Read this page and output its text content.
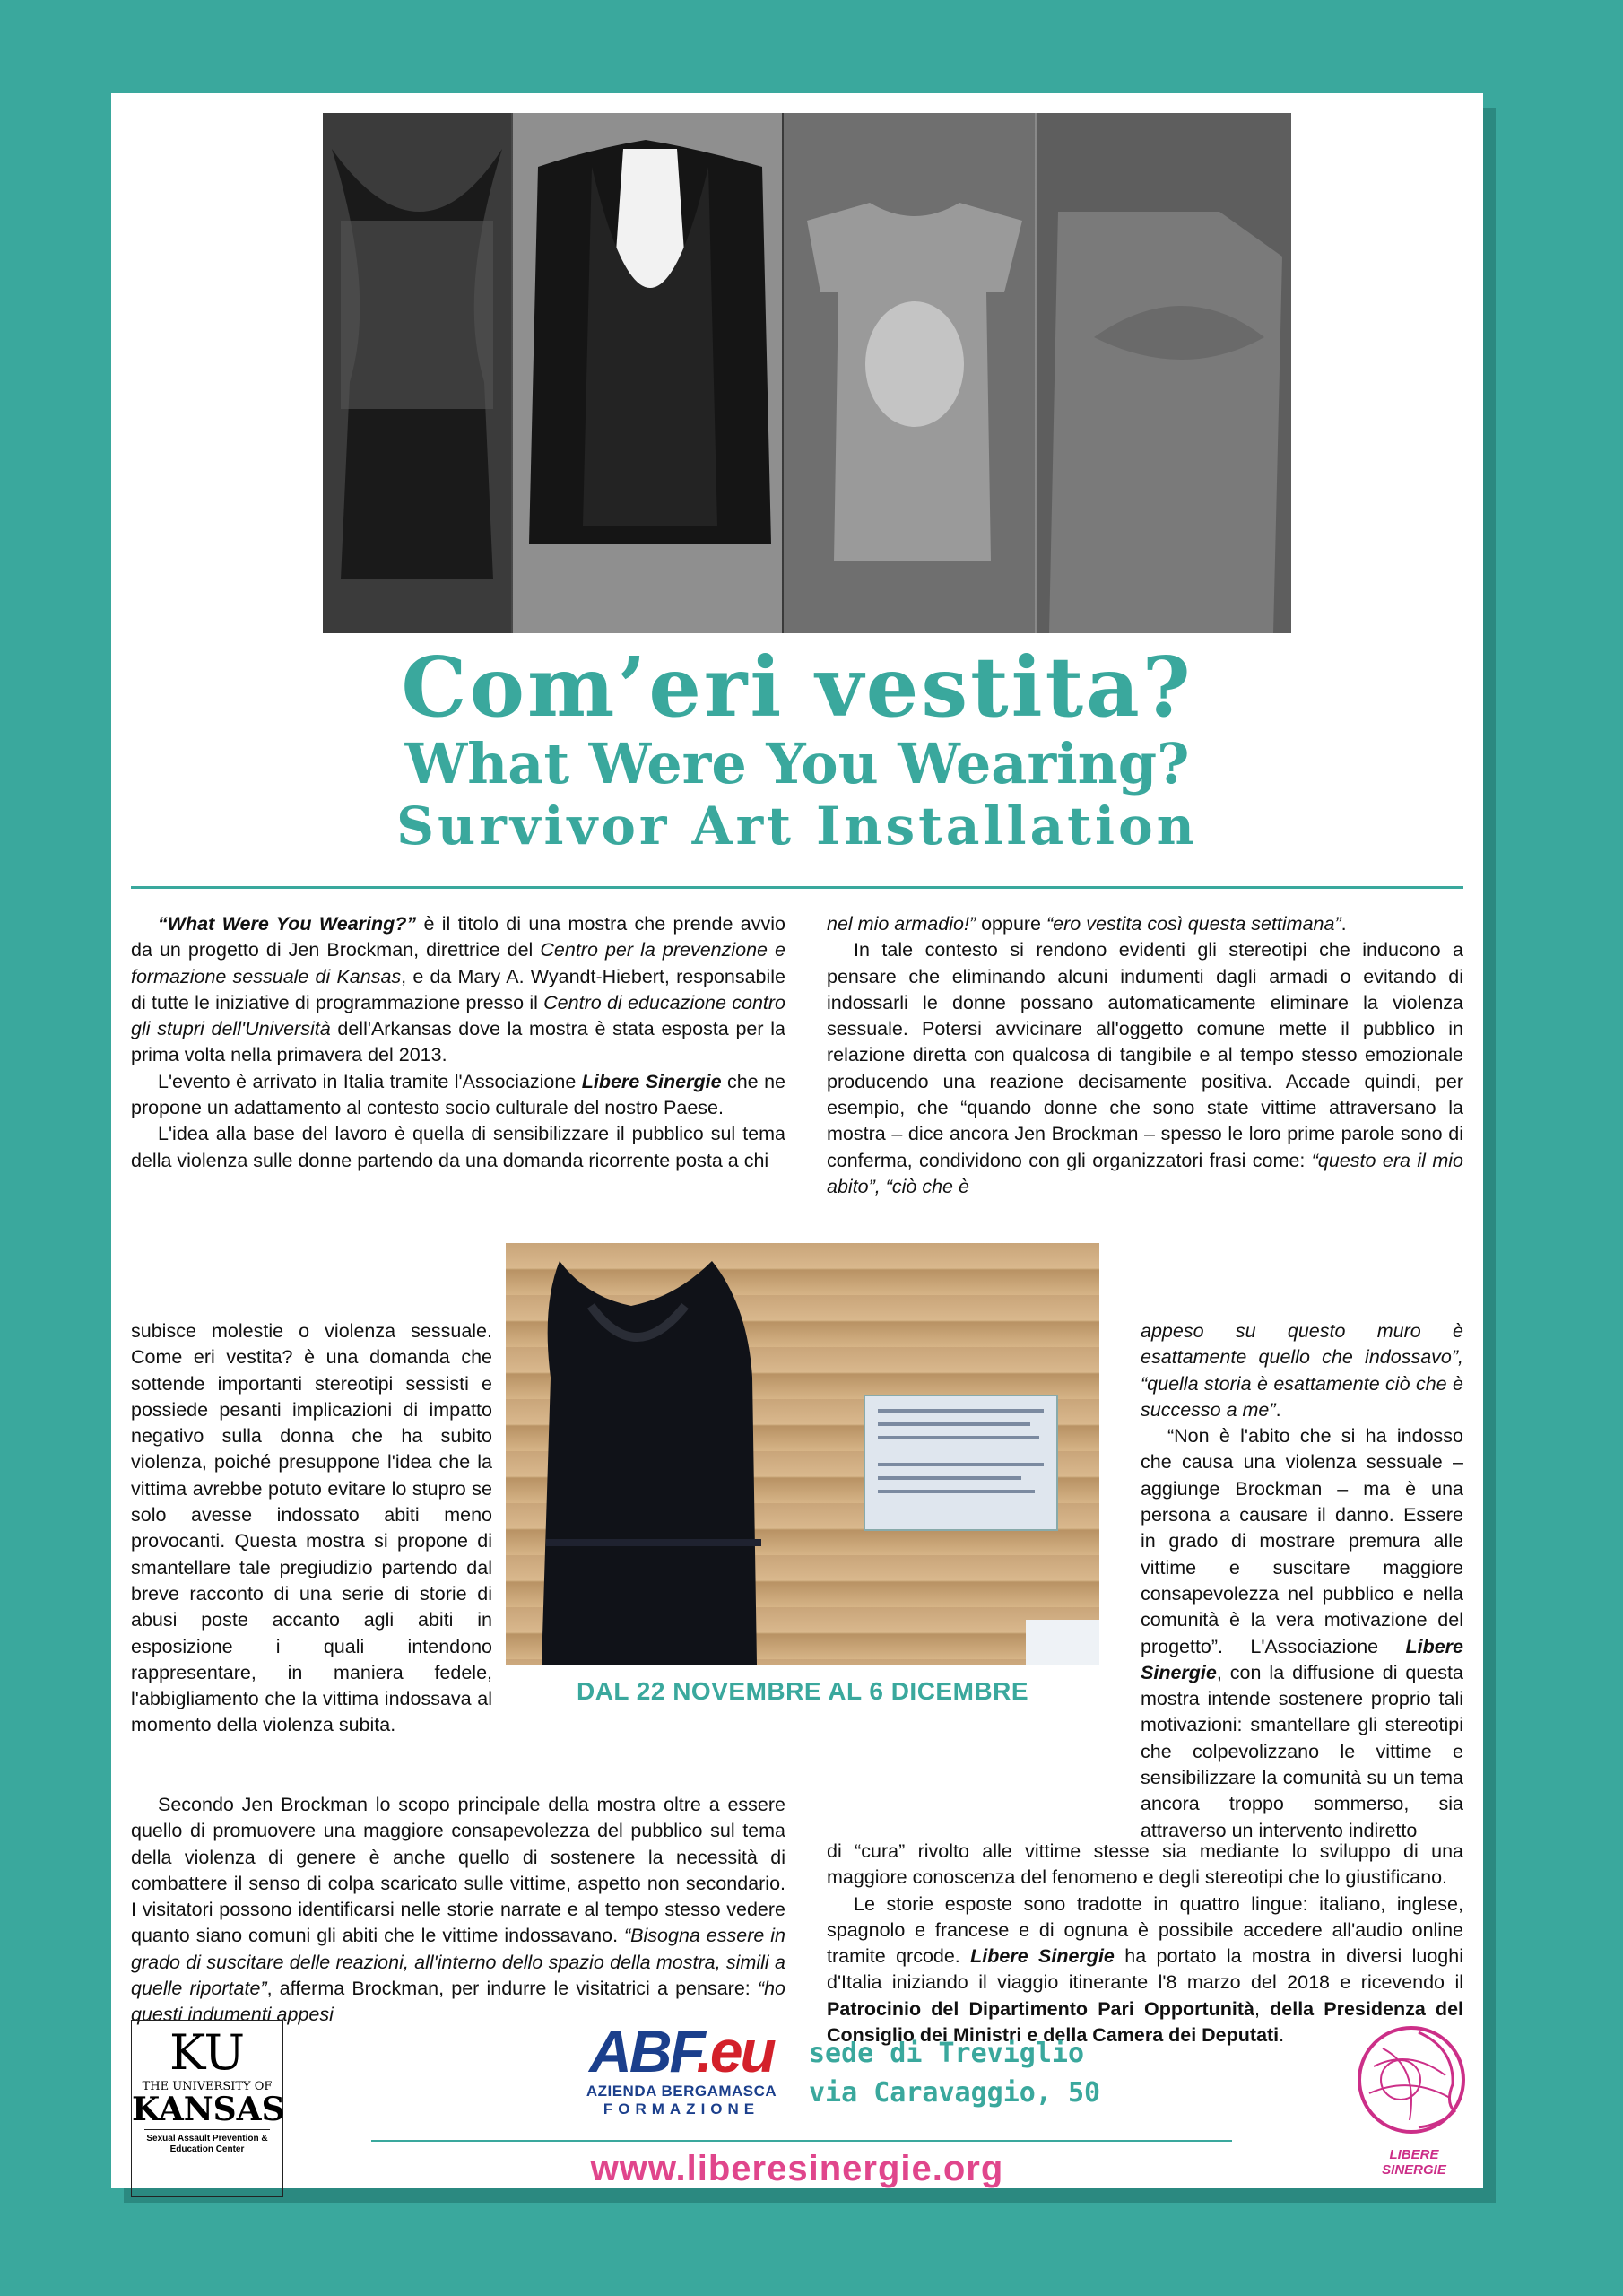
Com’eri vestita?
What Were You Wearing?
Survivor Art Installation

“What Were You Wearing?” è il titolo di una mostra che prende avvio da un progetto di Jen Brockman, direttrice del Centro per la prevenzione e formazione sessuale di Kansas, e da Mary A. Wyandt-Hiebert, responsabile di tutte le iniziative di programmazione presso il Centro di educazione contro gli stupri dell'Università dell'Arkansas dove la mostra è stata esposta per la prima volta nella primavera del 2013.

L'evento è arrivato in Italia tramite l'Associazione Libere Sinergie che ne propone un adattamento al contesto socio culturale del nostro Paese.

L'idea alla base del lavoro è quella di sensibilizzare il pubblico sul tema della violenza sulle donne partendo da una domanda ricorrente posta a chi

subisce molestie o violenza sessuale. Come eri vestita? è una domanda che sottende importanti stereotipi sessisti e possiede pesanti implicazioni di impatto negativo sulla donna che ha subito violenza, poiché presuppone l'idea che la vittima avrebbe potuto evitare lo stupro se solo avesse indossato abiti meno provocanti. Questa mostra si propone di smantellare tale pregiudizio partendo dal breve racconto di una serie di storie di abusi poste accanto agli abiti in esposizione i quali intendono rappresentare, in maniera fedele, l'abbigliamento che la vittima indossava al momento della violenza subita.

Secondo Jen Brockman lo scopo principale della mostra oltre a essere quello di promuovere una maggiore consapevolezza del pubblico sul tema della violenza di genere è anche quello di sostenere la necessità di combattere il senso di colpa scaricato sulle vittime, aspetto non secondario. I visitatori possono identificarsi nelle storie narrate e al tempo stesso vedere quanto siano comuni gli abiti che le vittime indossavano. “Bisogna essere in grado di suscitare delle reazioni, all'interno dello spazio della mostra, simili a quelle riportate”, afferma Brockman, per indurre le visitatrici a pensare: “ho questi indumenti appesi

nel mio armadio!” oppure “ero vestita così questa settimana”.

In tale contesto si rendono evidenti gli stereotipi che inducono a pensare che eliminando alcuni indumenti dagli armadi o evitando di indossarli le donne possano automaticamente eliminare la violenza sessuale. Potersi avvicinare all'oggetto comune mette il pubblico in relazione diretta con qualcosa di tangibile e al tempo stesso emozionale producendo una reazione decisamente positiva. Accade quindi, per esempio, che “quando donne che sono state vittime attraversano la mostra – dice ancora Jen Brockman – spesso le loro prime parole sono di conferma, condividono con gli organizzatori frasi come: “questo era il mio abito”, “ciò che è

appeso su questo muro è esattamente quello che indossavo”, “quella storia è esattamente ciò che è successo a me”.

“Non è l'abito che si ha indosso che causa una violenza sessuale – aggiunge Brockman – ma è una persona a causare il danno. Essere in grado di mostrare premura alle vittime e suscitare maggiore consapevolezza nel pubblico e nella comunità è la vera motivazione del progetto”. L'Associazione Libere Sinergie, con la diffusione di questa mostra intende sostenere proprio tali motivazioni: smantellare gli stereotipi che colpevolizzano le vittime e sensibilizzare la comunità su un tema ancora troppo sommerso, sia attraverso un intervento indiretto

di “cura” rivolto alle vittime stesse sia mediante lo sviluppo di una maggiore conoscenza del fenomeno e degli stereotipi che lo giustificano.

Le storie esposte sono tradotte in quattro lingue: italiano, inglese, spagnolo e francese e di ognuna è possibile accedere all'audio online tramite qrcode. Libere Sinergie ha portato la mostra in diversi luoghi d'Italia iniziando il viaggio itinerante l'8 marzo del 2018 e ricevendo il Patrocinio del Dipartimento Pari Opportunità, della Presidenza del Consiglio dei Ministri e della Camera dei Deputati.

DAL 22 NOVEMBRE AL 6 DICEMBRE
KU
THE UNIVERSITY OF
KANSAS
Sexual Assault Prevention & Education Center
ABF.eu
AZIENDA BERGAMASCA
FORMAZIONE
sede di Treviglio
via Caravaggio, 50
www.liberesinergie.org	LIBERE SINERGIE
